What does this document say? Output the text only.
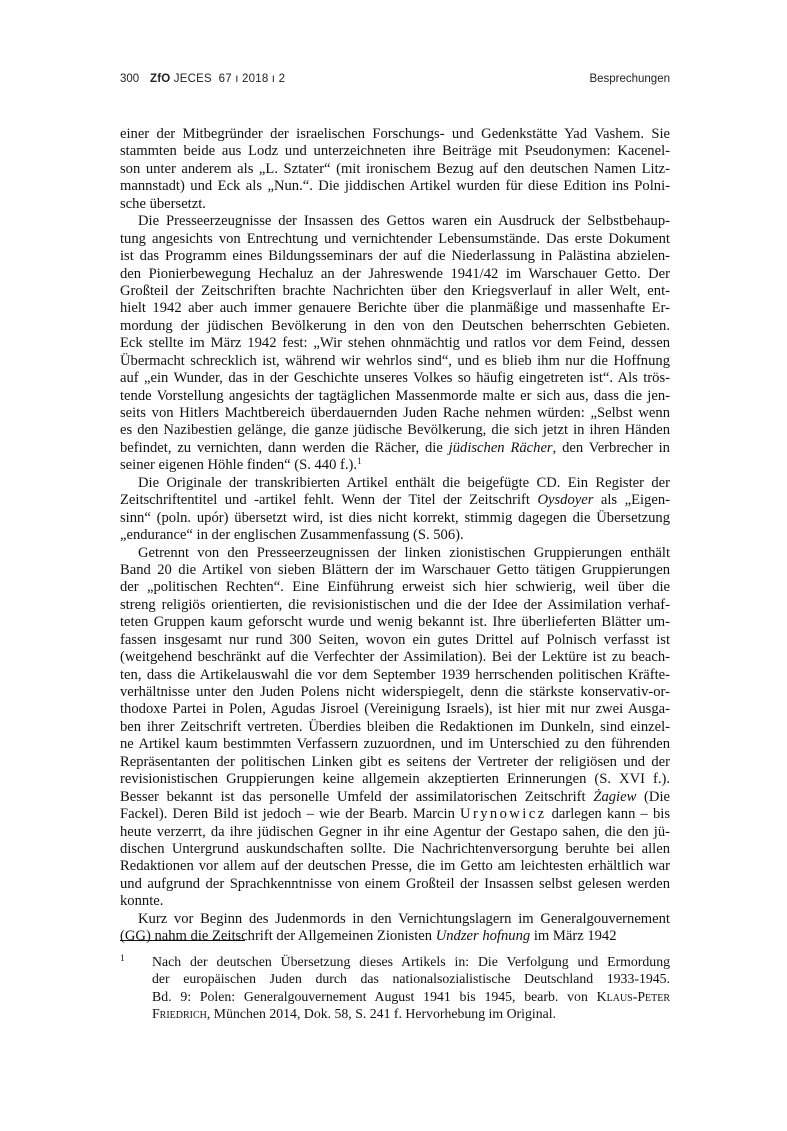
300 ZfO JECES  67 ı 2018 ı 2	Besprechungen
einer der Mitbegründer der israelischen Forschungs- und Gedenkstätte Yad Vashem. Sie
stammten beide aus Lodz und unterzeichneten ihre Beiträge mit Pseudonymen: Kacenel-
son unter anderem als „L. Sztater“ (mit ironischem Bezug auf den deutschen Namen Litz-
mannstadt) und Eck als „Nun.“. Die jiddischen Artikel wurden für diese Edition ins Polni-
sche übersetzt.
Die Presseerzeugnisse der Insassen des Gettos waren ein Ausdruck der Selbstbehaup-
tung angesichts von Entrechtung und vernichtender Lebensumstände. Das erste Dokument
ist das Programm eines Bildungsseminars der auf die Niederlassung in Palästina abzielen-
den Pionierbewegung Hechaluz an der Jahreswende 1941/42 im Warschauer Getto. Der
Großteil der Zeitschriften brachte Nachrichten über den Kriegsverlauf in aller Welt, ent-
hielt 1942 aber auch immer genauere Berichte über die planmäßige und massenhafte Er-
mordung der jüdischen Bevölkerung in den von den Deutschen beherrschten Gebieten.
Eck stellte im März 1942 fest: „Wir stehen ohnmächtig und ratlos vor dem Feind, dessen
Übermacht schrecklich ist, während wir wehrlos sind“, und es blieb ihm nur die Hoffnung
auf „ein Wunder, das in der Geschichte unseres Volkes so häufig eingetreten ist“. Als trös-
tende Vorstellung angesichts der tagtäglichen Massenmorde malte er sich aus, dass die jen-
seits von Hitlers Machtbereich überdauernden Juden Rache nehmen würden: „Selbst wenn
es den Nazibestien gelänge, die ganze jüdische Bevölkerung, die sich jetzt in ihren Händen
befindet, zu vernichten, dann werden die Rächer, die jüdischen Rächer, den Verbrecher in
seiner eigenen Höhle finden“ (S. 440 f.).$^1$
Die Originale der transkribierten Artikel enthält die beigefügte CD. Ein Register der
Zeitschriftentitel und -artikel fehlt. Wenn der Titel der Zeitschrift Oysdoyer als „Eigen-
sinn“ (poln. upór) übersetzt wird, ist dies nicht korrekt, stimmig dagegen die Übersetzung
„endurance“ in der englischen Zusammenfassung (S. 506).
Getrennt von den Presseerzeugnissen der linken zionistischen Gruppierungen enthält
Band 20 die Artikel von sieben Blättern der im Warschauer Getto tätigen Gruppierungen
der „politischen Rechten“. Eine Einführung erweist sich hier schwierig, weil über die
streng religiös orientierten, die revisionistischen und die der Idee der Assimilation verhaf-
teten Gruppen kaum geforscht wurde und wenig bekannt ist. Ihre überlieferten Blätter um-
fassen insgesamt nur rund 300 Seiten, wovon ein gutes Drittel auf Polnisch verfasst ist
(weitgehend beschränkt auf die Verfechter der Assimilation). Bei der Lektüre ist zu beach-
ten, dass die Artikelauswahl die vor dem September 1939 herrschenden politischen Kräfte-
verhältnisse unter den Juden Polens nicht widerspiegelt, denn die stärkste konservativ-or-
thodoxe Partei in Polen, Agudas Jisroel (Vereinigung Israels), ist hier mit nur zwei Ausga-
ben ihrer Zeitschrift vertreten. Überdies bleiben die Redaktionen im Dunkeln, sind einzel-
ne Artikel kaum bestimmten Verfassern zuzuordnen, und im Unterschied zu den führenden
Repräsentanten der politischen Linken gibt es seitens der Vertreter der religiösen und der
revisionistischen Gruppierungen keine allgemein akzeptierten Erinnerungen (S. XVI f.).
Besser bekannt ist das personelle Umfeld der assimilatorischen Zeitschrift Żagiew (Die
Fackel). Deren Bild ist jedoch – wie der Bearb. Marcin Urynowicz darlegen kann – bis
heute verzerrt, da ihre jüdischen Gegner in ihr eine Agentur der Gestapo sahen, die den jü-
dischen Untergrund auskundschaften sollte. Die Nachrichtenversorgung beruhte bei allen
Redaktionen vor allem auf der deutschen Presse, die im Getto am leichtesten erhältlich war
und aufgrund der Sprachkenntnisse von einem Großteil der Insassen selbst gelesen werden
konnte.
Kurz vor Beginn des Judenmords in den Vernichtungslagern im Generalgouvernement
(GG) nahm die Zeitschrift der Allgemeinen Zionisten Undzer hofnung im März 1942
1 Nach der deutschen Übersetzung dieses Artikels in: Die Verfolgung und Ermordung
der europäischen Juden durch das nationalsozialistische Deutschland 1933-1945.
Bd. 9: Polen: Generalgouvernement August 1941 bis 1945, bearb. von Klaus-Peter
Friedrich, München 2014, Dok. 58, S. 241 f. Hervorhebung im Original.
